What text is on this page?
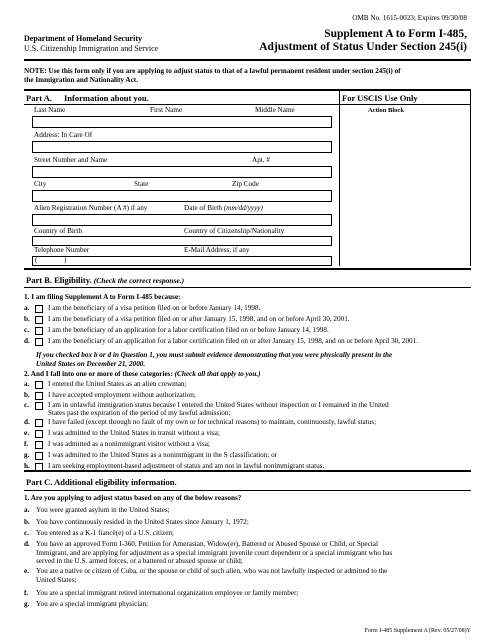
OMB No. 1615-0023; Expires 09/30/08
Department of Homeland Security
U.S. Citizenship Immigration and Service
Supplement A to Form I-485,
Adjustment of Status Under Section 245(i)
NOTE: Use this form only if you are applying to adjust status to that of a lawful permanent resident under section 245(i) of
the Immigration and Nationality Act.
Part A. Information about you.	For USCIS Use Only
Action Block
Last Name	First Name	Middle Name
Address: In Care Of
Street Number and Name	Apt. #
City	State	Zip Code
Alien Registration Number (A #) if any	Date of Birth (mm/dd/yyyy)
Country of Birth	Country of Citizenship/Nationality
Telephone Number	E-Mail Address, if any
(	)
Part B. Eligibility. (Check the correct response.)
1. I am filing Supplement A to Form I-485 because:
a.	I am the beneficiary of a visa petition filed on or before January 14, 1998.
b.	I am the beneficiary of a visa petition filed on or after January 15, 1998, and on or before April 30, 2001.
c.	I am the beneficiary of an application for a labor certification filed on or before January 14, 1998.
d.	I am the beneficiary of an application for a labor certification filed on or after January 15, 1998, and on or before April 30, 2001.
If you checked box b or d in Question 1, you must submit evidence demonstrating that you were physically present in the
United States on December 21, 2000.
2. And I fall into one or more of these categories: (Check all that apply to you.)
a.	I entered the United States as an alien crewman;
b.	I have accepted employment without authorization;
c.	I am in unlawful immigration status because I entered the United States without inspection or I remained in the United
States past the expiration of the period of my lawful admission;
d.	I have failed (except through no fault of my own or for technical reasons) to maintain, continuously, lawful status;
e.	I was admitted to the United States in transit without a visa;
f.	I was admitted as a nonimmigrant visitor without a visa;
g.	I was admitted to the United States as a nonimmigrant in the S classification; or
h.	I am seeking employment-based adjustment of status and am not in lawful nonimmigrant status.
Part C. Additional eligibility information.
1. Are you applying to adjust status based on any of the below reasons?
a. You were granted asylum in the United States;
b. You have continuously resided in the United States since January 1, 1972;
c. You entered as a K-1 fiancé(e) of a U.S. citizen;
d. You have an approved Form I-360, Petition for Amerasian, Widow(er), Battered or Abused Spouse or Child, or Special
Immigrant, and are applying for adjustment as a special immigrant juvenile court dependent or a special immigrant who has
served in the U.S. armed forces, or a battered or abused spouse or child;
e. You are a native or citizen of Cuba, or the spouse or child of such alien, who was not lawfully inspected or admitted to the
United States;
f. You are a special immigrant retired international organization employee or family member;
g. You are a special immigrant physician;
Form I-485 Supplement A (Rev. 05/27/08)Y
